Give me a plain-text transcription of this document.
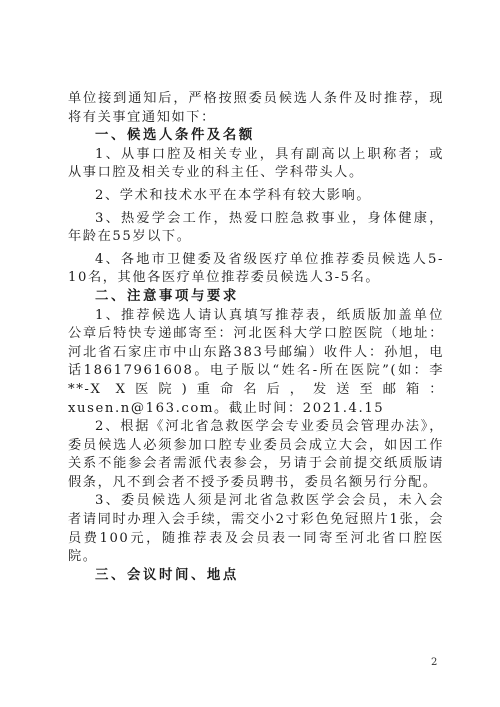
单位接到通知后，严格按照委员候选人条件及时推荐，现将有关事宜通知如下：

一、候选人条件及名额

1、从事口腔及相关专业，具有副高以上职称者；或从事口腔及相关专业的科主任、学科带头人。

2、学术和技术水平在本学科有较大影响。

3、热爱学会工作，热爱口腔急救事业，身体健康，年龄在55岁以下。

4、各地市卫健委及省级医疗单位推荐委员候选人5-10名，其他各医疗单位推荐委员候选人3-5名。

二、注意事项与要求

1、推荐候选人请认真填写推荐表，纸质版加盖单位公章后特快专递邮寄至：河北医科大学口腔医院（地址：河北省石家庄市中山东路383号邮编）收件人：孙旭，电话18617961608。电子版以“姓名-所在医院”(如：李**-X X医院)重命名后，发送至邮箱：xusen.n@163.com。截止时间：2021.4.15

2、根据《河北省急救医学会专业委员会管理办法》，委员候选人必须参加口腔专业委员会成立大会，如因工作关系不能参会者需派代表参会，另请于会前提交纸质版请假条，凡不到会者不授予委员聘书，委员名额另行分配。

3、委员候选人须是河北省急救医学会会员，未入会者请同时办理入会手续，需交小2寸彩色免冠照片1张，会员费100元，随推荐表及会员表一同寄至河北省口腔医院。

三、会议时间、地点

2
